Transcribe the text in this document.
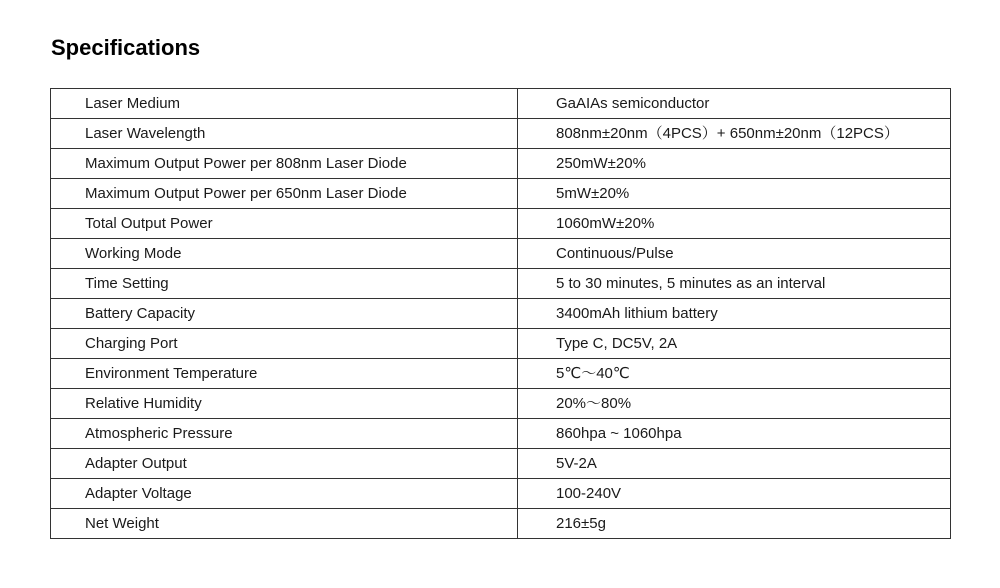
Specifications
Laser Medium	GaAIAs semiconductor
Laser Wavelength	808nm±20nm（4PCS）+ 650nm±20nm（12PCS）
Maximum Output Power per 808nm Laser Diode	250mW±20%
Maximum Output Power per 650nm Laser Diode	5mW±20%
Total Output Power	1060mW±20%
Working Mode	Continuous/Pulse
Time Setting	5 to 30 minutes, 5 minutes as an interval
Battery Capacity	3400mAh lithium battery
Charging Port	Type C, DC5V, 2A
Environment Temperature	5℃～40℃
Relative Humidity	20%～80%
Atmospheric Pressure	860hpa ~ 1060hpa
Adapter Output	5V-2A
Adapter Voltage	100-240V
Net Weight	216±5g
